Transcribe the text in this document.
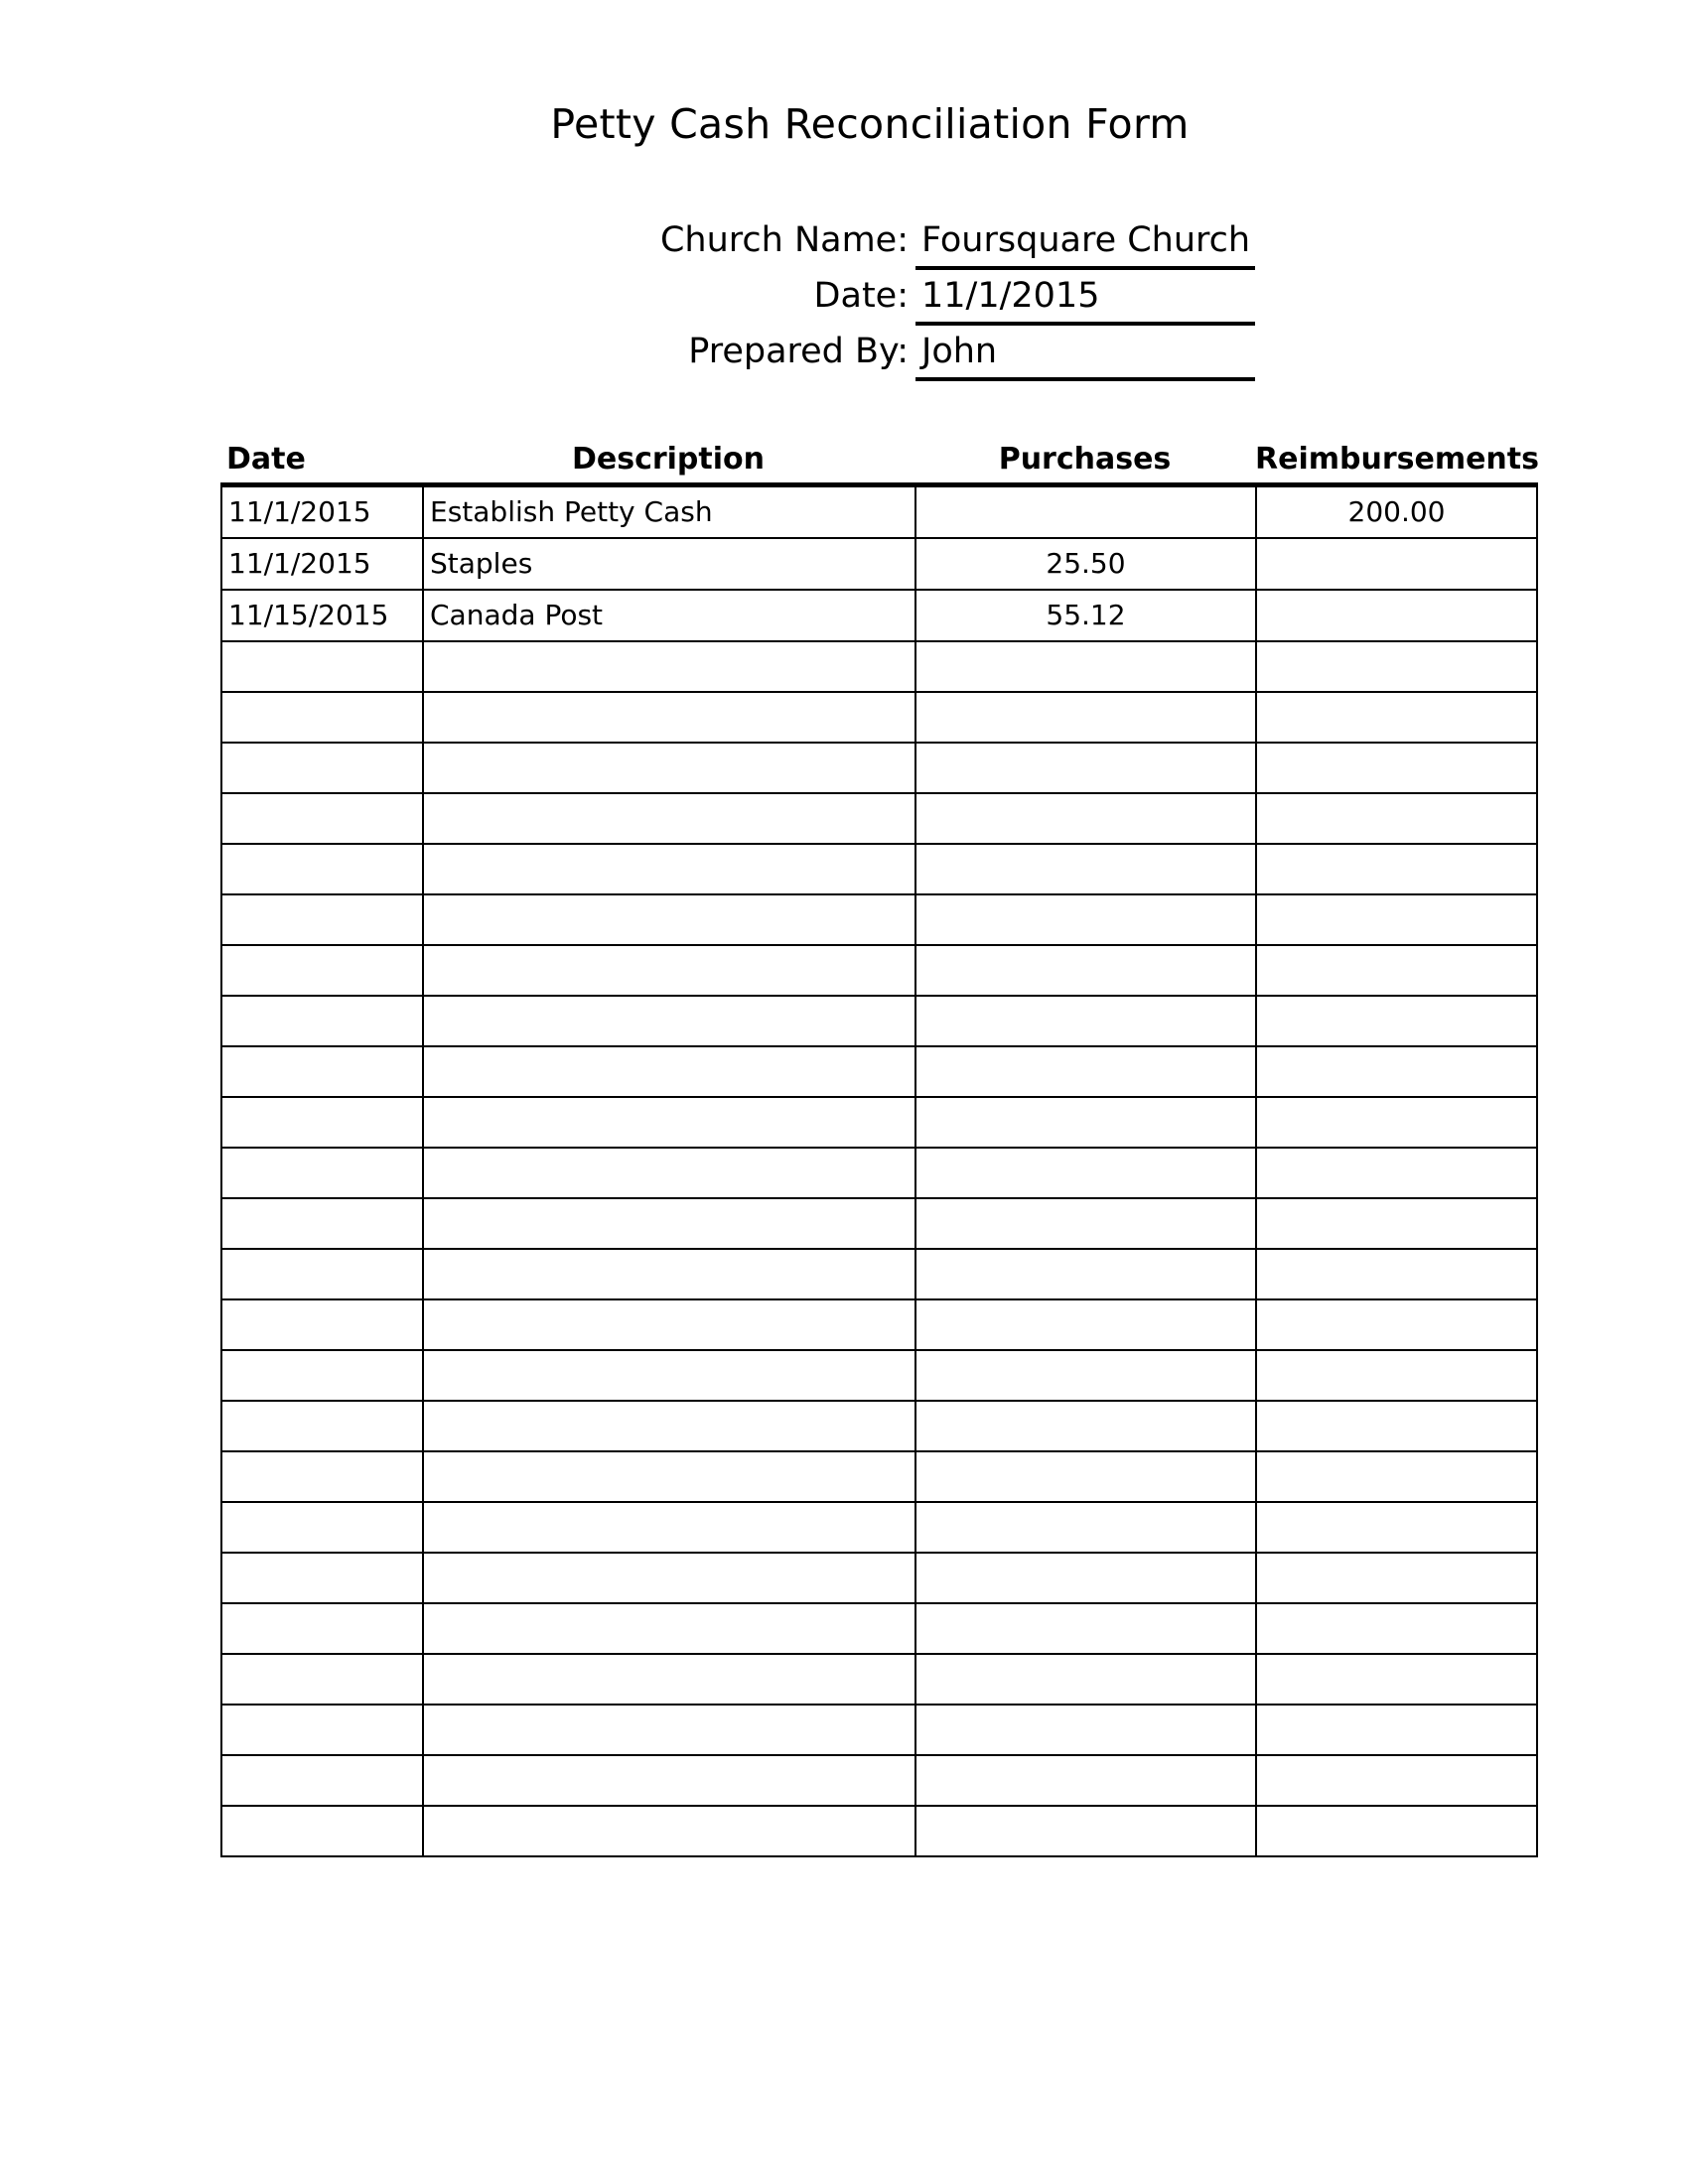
Petty Cash Reconciliation Form
Church Name: Foursquare Church
Date: 11/1/2015
Prepared By: John
Date	Description	Purchases	Reimbursements
11/1/2015	Establish Petty Cash		200.00
11/1/2015	Staples	25.50	
11/15/2015	Canada Post	55.12	
